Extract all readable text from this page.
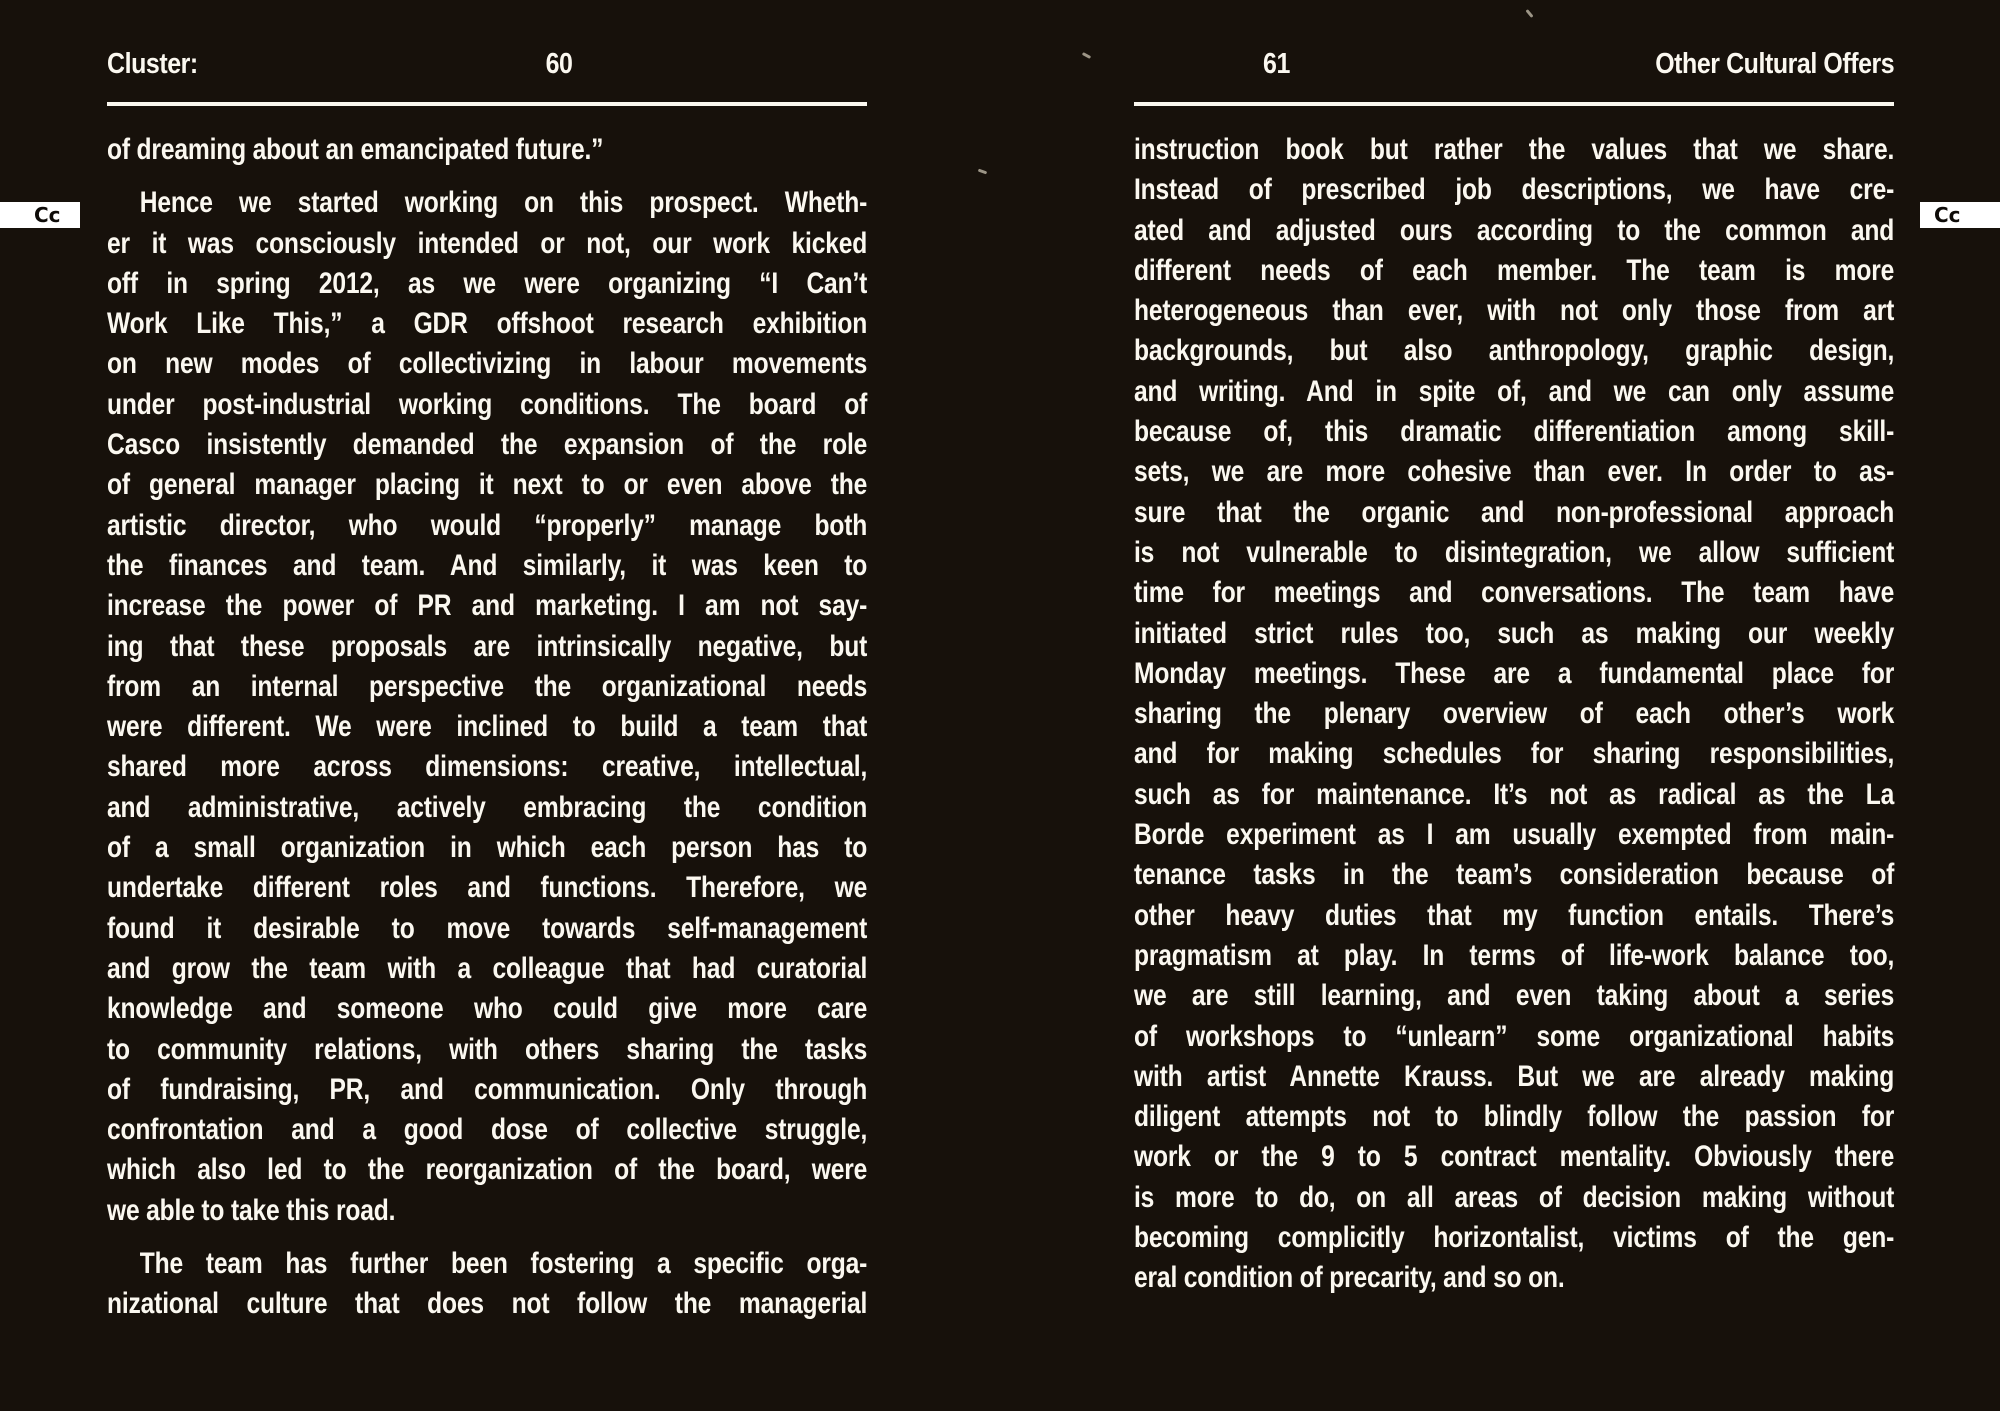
Cluster:	60
of dreaming about an emancipated future.”
Hence we started working on this prospect. Wheth-
er it was consciously intended or not, our work kicked
off in spring 2012, as we were organizing “I Can’t
Work Like This,” a GDR offshoot research exhibition
on new modes of collectivizing in labour movements
under post-industrial working conditions. The board of
Casco insistently demanded the expansion of the role
of general manager placing it next to or even above the
artistic director, who would “properly” manage both
the finances and team. And similarly, it was keen to
increase the power of PR and marketing. I am not say-
ing that these proposals are intrinsically negative, but
from an internal perspective the organizational needs
were different. We were inclined to build a team that
shared more across dimensions: creative, intellectual,
and administrative, actively embracing the condition
of a small organization in which each person has to
undertake different roles and functions. Therefore, we
found it desirable to move towards self-management
and grow the team with a colleague that had curatorial
knowledge and someone who could give more care
to community relations, with others sharing the tasks
of fundraising, PR, and communication. Only through
confrontation and a good dose of collective struggle,
which also led to the reorganization of the board, were
we able to take this road.
The team has further been fostering a specific orga-
nizational culture that does not follow the managerial
61	Other Cultural Offers
instruction book but rather the values that we share.
Instead of prescribed job descriptions, we have cre-
ated and adjusted ours according to the common and
different needs of each member. The team is more
heterogeneous than ever, with not only those from art
backgrounds, but also anthropology, graphic design,
and writing. And in spite of, and we can only assume
because of, this dramatic differentiation among skill-
sets, we are more cohesive than ever. In order to as-
sure that the organic and non-professional approach
is not vulnerable to disintegration, we allow sufficient
time for meetings and conversations. The team have
initiated strict rules too, such as making our weekly
Monday meetings. These are a fundamental place for
sharing the plenary overview of each other’s work
and for making schedules for sharing responsibilities,
such as for maintenance. It’s not as radical as the La
Borde experiment as I am usually exempted from main-
tenance tasks in the team’s consideration because of
other heavy duties that my function entails. There’s
pragmatism at play. In terms of life-work balance too,
we are still learning, and even taking about a series
of workshops to “unlearn” some organizational habits
with artist Annette Krauss. But we are already making
diligent attempts not to blindly follow the passion for
work or the 9 to 5 contract mentality. Obviously there
is more to do, on all areas of decision making without
becoming complicitly horizontalist, victims of the gen-
eral condition of precarity, and so on.
Cc	Cc
